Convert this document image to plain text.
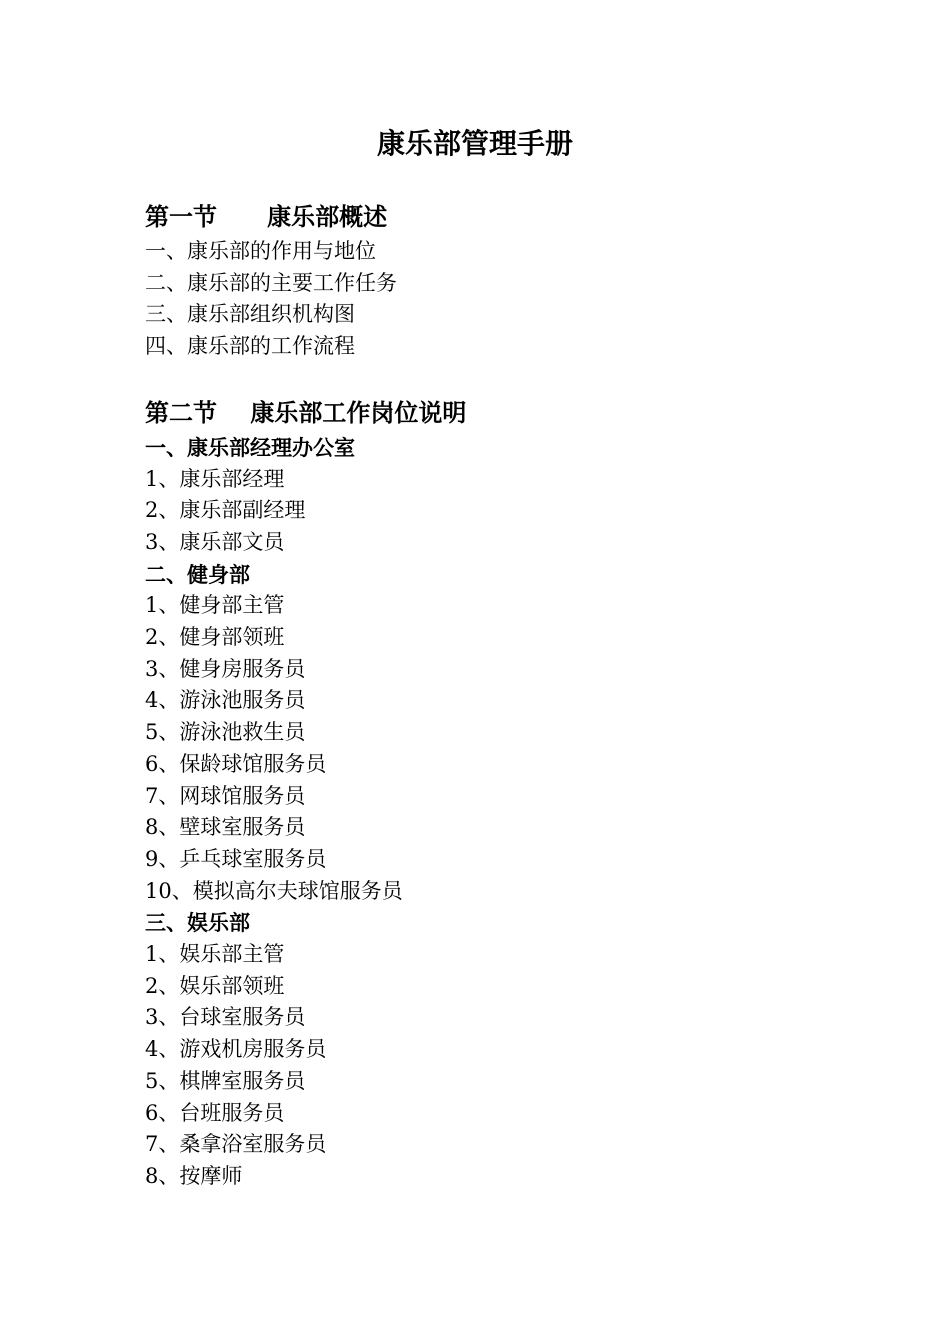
康乐部管理手册
第一节      康乐部概述
一、康乐部的作用与地位
二、康乐部的主要工作任务
三、康乐部组织机构图
四、康乐部的工作流程
第二节    康乐部工作岗位说明
一、康乐部经理办公室
1、康乐部经理
2、康乐部副经理
3、康乐部文员
二、健身部
1、健身部主管
2、健身部领班
3、健身房服务员
4、游泳池服务员
5、游泳池救生员
6、保龄球馆服务员
7、网球馆服务员
8、壁球室服务员
9、乒乓球室服务员
10、模拟高尔夫球馆服务员
三、娱乐部
1、娱乐部主管
2、娱乐部领班
3、台球室服务员
4、游戏机房服务员
5、棋牌室服务员
6、台班服务员
7、桑拿浴室服务员
8、按摩师
